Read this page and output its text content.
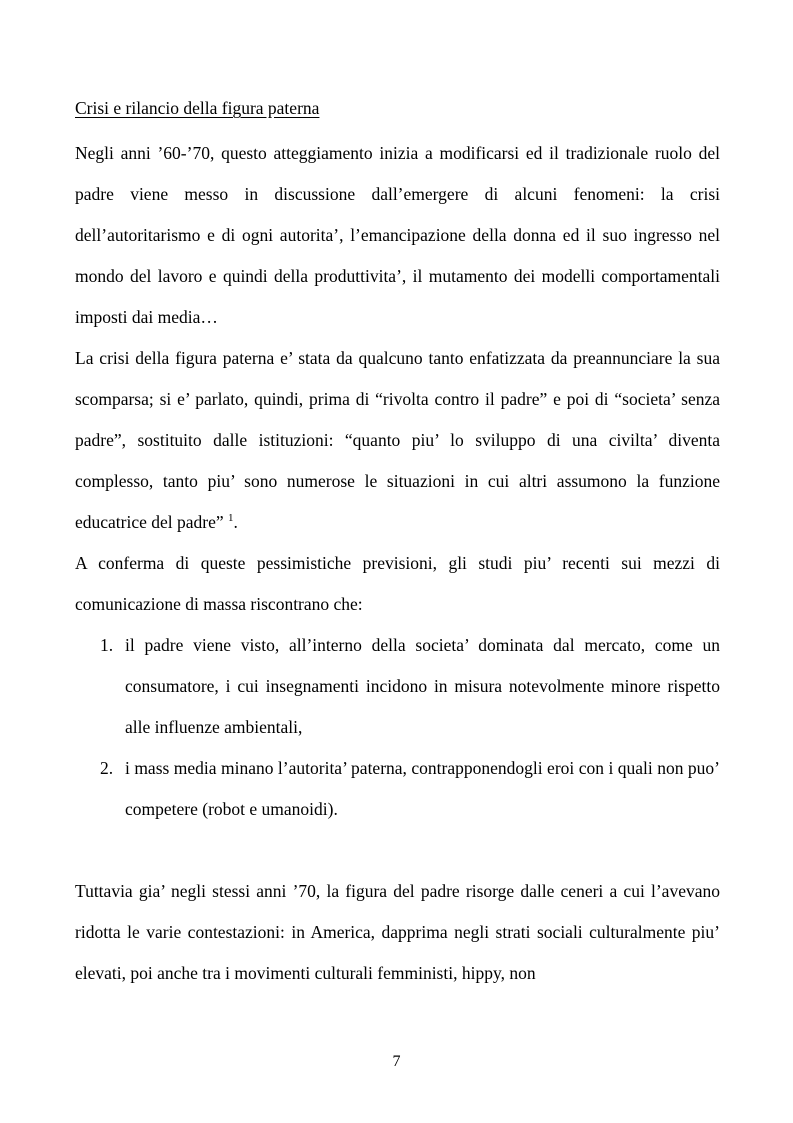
Crisi e rilancio della figura paterna

Negli anni ’60-’70, questo atteggiamento inizia a modificarsi ed il tradizionale ruolo del padre viene messo in discussione dall’emergere di alcuni fenomeni: la crisi dell’autoritarismo e di ogni autorita’, l’emancipazione della donna ed il suo ingresso nel mondo del lavoro e quindi della produttivita’, il mutamento dei modelli comportamentali imposti dai media…

La crisi della figura paterna e’ stata da qualcuno tanto enfatizzata da preannunciare la sua scomparsa; si e’ parlato, quindi, prima di “rivolta contro il padre” e poi di “societa’ senza padre”, sostituito dalle istituzioni: “quanto piu’ lo sviluppo di una civilta’ diventa complesso, tanto piu’ sono numerose le situazioni in cui altri assumono la funzione educatrice del padre” $^1$.

A conferma di queste pessimistiche previsioni, gli studi piu’ recenti sui mezzi di comunicazione di massa riscontrano che:

il padre viene visto, all’interno della societa’ dominata dal mercato, come un consumatore, i cui insegnamenti incidono in misura notevolmente minore rispetto alle influenze ambientali,
i mass media minano l’autorita’ paterna, contrapponendogli eroi con i quali non puo’ competere (robot e umanoidi).

Tuttavia gia’ negli stessi anni ’70, la figura del padre risorge dalle ceneri a cui l’avevano ridotta le varie contestazioni: in America, dapprima negli strati sociali culturalmente piu’ elevati, poi anche tra i movimenti culturali femministi, hippy, non

7
